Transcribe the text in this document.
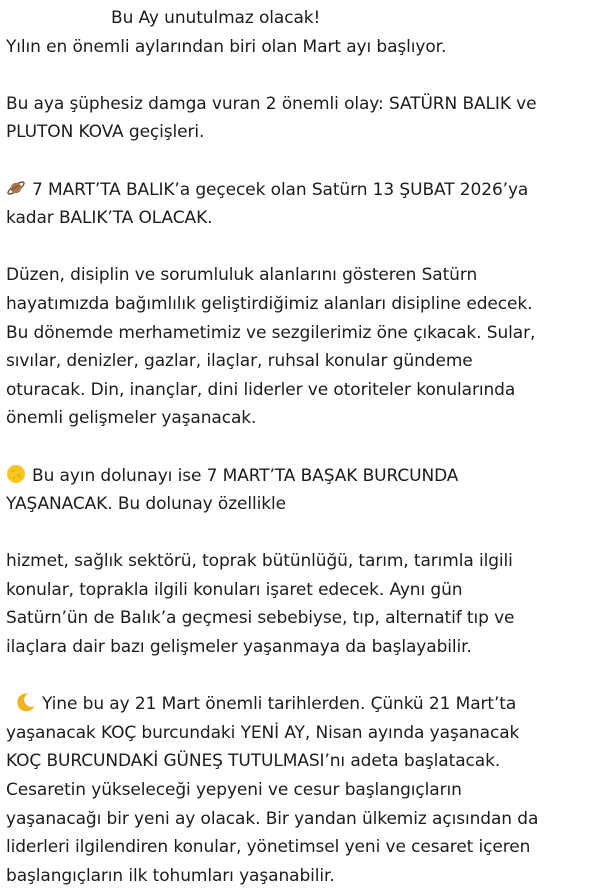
Bu Ay unutulmaz olacak!
Yılın en önemli aylarından biri olan Mart ayı başlıyor.
Bu aya şüphesiz damga vuran 2 önemli olay: SATÜRN BALIK ve
PLUTON KOVA geçişleri.
7 MART’TA BALIK’a geçecek olan Satürn 13 ŞUBAT 2026’ya
kadar BALIK’TA OLACAK.
Düzen, disiplin ve sorumluluk alanlarını gösteren Satürn
hayatımızda bağımlılık geliştirdiğimiz alanları disipline edecek.
Bu dönemde merhametimiz ve sezgilerimiz öne çıkacak. Sular,
sıvılar, denizler, gazlar, ilaçlar, ruhsal konular gündeme
oturacak. Din, inançlar, dini liderler ve otoriteler konularında
önemli gelişmeler yaşanacak.
Bu ayın dolunayı ise 7 MART’TA BAŞAK BURCUNDA
YAŞANACAK. Bu dolunay özellikle
hizmet, sağlık sektörü, toprak bütünlüğü, tarım, tarımla ilgili
konular, toprakla ilgili konuları işaret edecek. Aynı gün
Satürn’ün de Balık’a geçmesi sebebiyse, tıp, alternatif tıp ve
ilaçlara dair bazı gelişmeler yaşanmaya da başlayabilir.
Yine bu ay 21 Mart önemli tarihlerden. Çünkü 21 Mart’ta
yaşanacak KOÇ burcundaki YENİ AY, Nisan ayında yaşanacak
KOÇ BURCUNDAKİ GÜNEŞ TUTULMASI’nı adeta başlatacak.
Cesaretin yükseleceği yepyeni ve cesur başlangıçların
yaşanacağı bir yeni ay olacak. Bir yandan ülkemiz açısından da
liderleri ilgilendiren konular, yönetimsel yeni ve cesaret içeren
başlangıçların ilk tohumları yaşanabilir.
